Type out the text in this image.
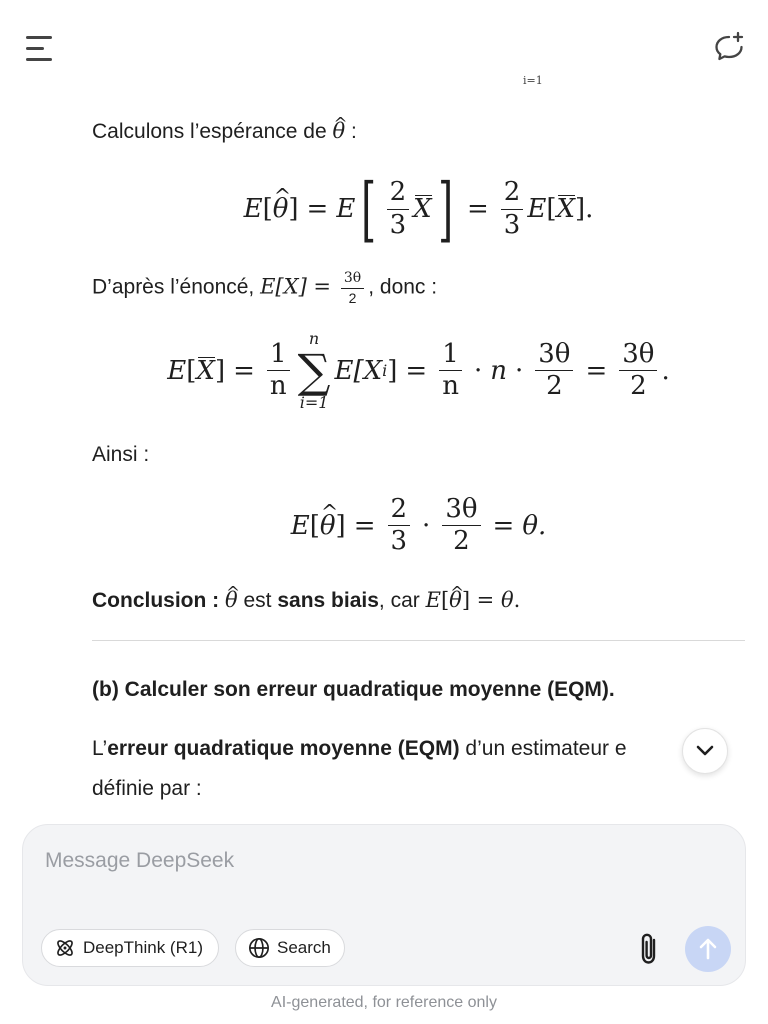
i=1
Calculons l’espérance de ^ θ :
E [ ^ θ ] = E [ $\frac{2}{3}$ X ] = $\frac{2}{3}$ E [ X ].
D’après l’énoncé, $E[X] = \frac{3\theta}{2}$ , donc :
E [ X ] = $\frac{1}{n}$
n
∑
i=1
E[X i ] = $\frac{1}{n} \cdot n \cdot \frac{3\theta}{2} = \frac{3\theta}{2}$ .
Ainsi :
E [ ^ θ ] = $\frac{2}{3} \cdot \frac{3\theta}{2} = \theta$.
Conclusion : ^ θ est sans biais, car E[^ θ] = θ.
(b) Calculer son erreur quadratique moyenne (EQM).
L’erreur quadratique moyenne (EQM) d’un estimateur e
définie par :
Message DeepSeek
DeepThink (R1)	Search
AI-generated, for reference only
